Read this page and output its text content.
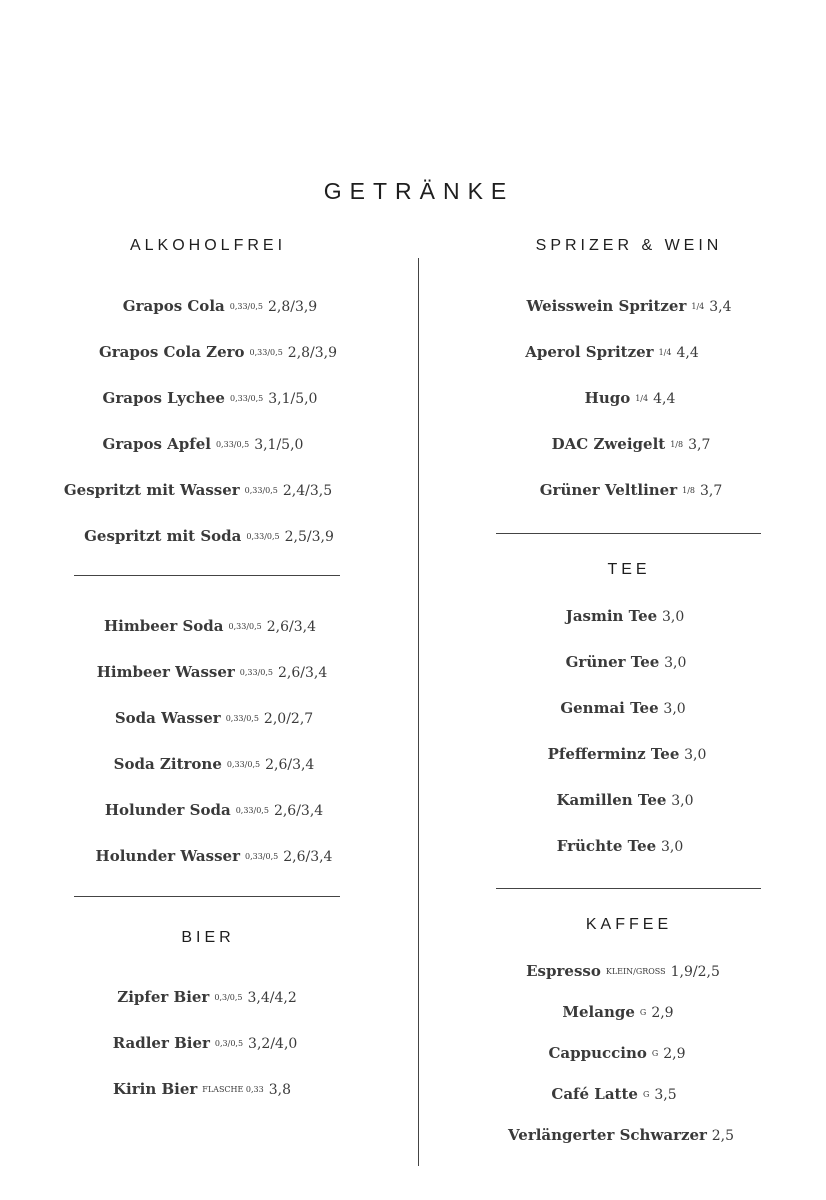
GETRÄNKE
ALKOHOLFREI
BIER
SPRIZER & WEIN
TEE
KAFFEE
Grapos Cola 0,33/0,5 2,8/3,9
Grapos Cola Zero 0,33/0,5 2,8/3,9
Grapos Lychee 0,33/0,5 3,1/5,0
Grapos Apfel 0,33/0,5 3,1/5,0
Gespritzt mit Wasser 0,33/0,5 2,4/3,5
Gespritzt mit Soda 0,33/0,5 2,5/3,9
Himbeer Soda 0,33/0,5 2,6/3,4
Himbeer Wasser 0,33/0,5 2,6/3,4
Soda Wasser 0,33/0,5 2,0/2,7
Soda Zitrone 0,33/0,5 2,6/3,4
Holunder Soda 0,33/0,5 2,6/3,4
Holunder Wasser 0,33/0,5 2,6/3,4
Zipfer Bier 0,3/0,5 3,4/4,2
Radler Bier 0,3/0,5 3,2/4,0
Kirin Bier FLASCHE 0,33 3,8
Weisswein Spritzer 1/4 3,4
Aperol Spritzer 1/4 4,4
Hugo 1/4 4,4
DAC Zweigelt 1/8 3,7
Grüner Veltliner 1/8 3,7
Jasmin Tee 3,0
Grüner Tee 3,0
Genmai Tee 3,0
Pfefferminz Tee 3,0
Kamillen Tee 3,0
Früchte Tee 3,0
Espresso KLEIN/GROSS 1,9/2,5
Melange G 2,9
Cappuccino G 2,9
Café Latte G 3,5
Verlängerter Schwarzer 2,5
